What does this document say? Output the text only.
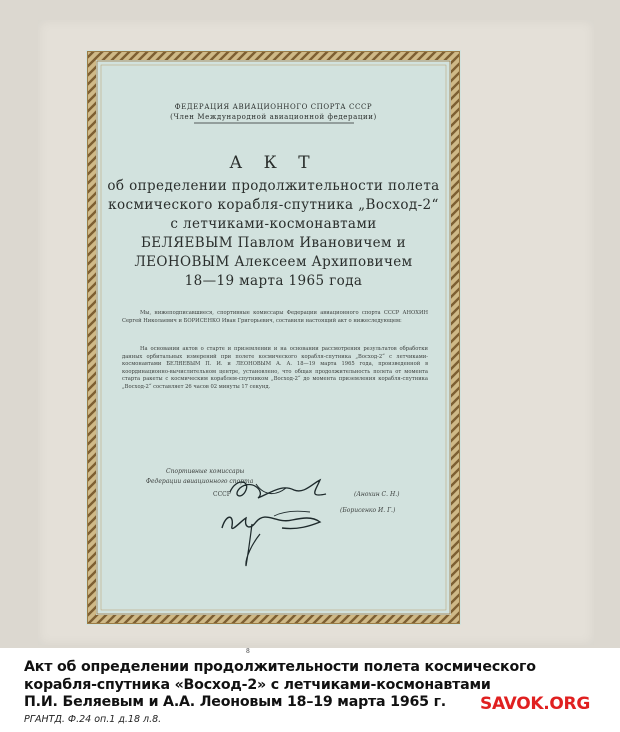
ФЕДЕРАЦИЯ АВИАЦИОННОГО СПОРТА СССР
(Член Международной авиационной федерации)
А К Т
об определении продолжительности полета
космического корабля-спутника „Восход-2“
с летчиками-космонавтами
БЕЛЯЕВЫМ Павлом Ивановичем и
ЛЕОНОВЫМ Алексеем Архиповичем
18—19 марта 1965 года
Мы, нижеподписавшиеся, спортивные комиссары Федерации авиационного спорта СССР АНОХИН Сергей Николаевич и БОРИСЕНКО Иван Григорьевич, составили настоящий акт о нижеследующем:
На основании актов о старте и приземлении и на основании рассмотрения результатов обработки данных орбитальных измерений при полете космического корабля-спутника „Восход-2“ с летчиками-космонавтами БЕЛЯЕВЫМ П. И. и ЛЕОНОВЫМ А. А. 18—19 марта 1965 года, произведенной в координационно-вычислительном центре, установлено, что общая продолжительность полета от момента старта ракеты с космическим кораблем-спутником „Восход-2“ до момента приземления корабля-спутника „Восход-2“ составляет 26 часов 02 минуты 17 секунд.
Спортивные комиссары
Федерации авиационного спорта
СССР	(Анохин С. Н.)
(Борисенко И. Г.)
8
Акт об определении продолжительности полета космического
корабля-спутника «Восход-2» с летчиками-космонавтами
П.И. Беляевым и А.А. Леоновым 18–19 марта 1965 г.	SAVOK.ORG
РГАНТД. Ф.24 оп.1 д.18 л.8.
